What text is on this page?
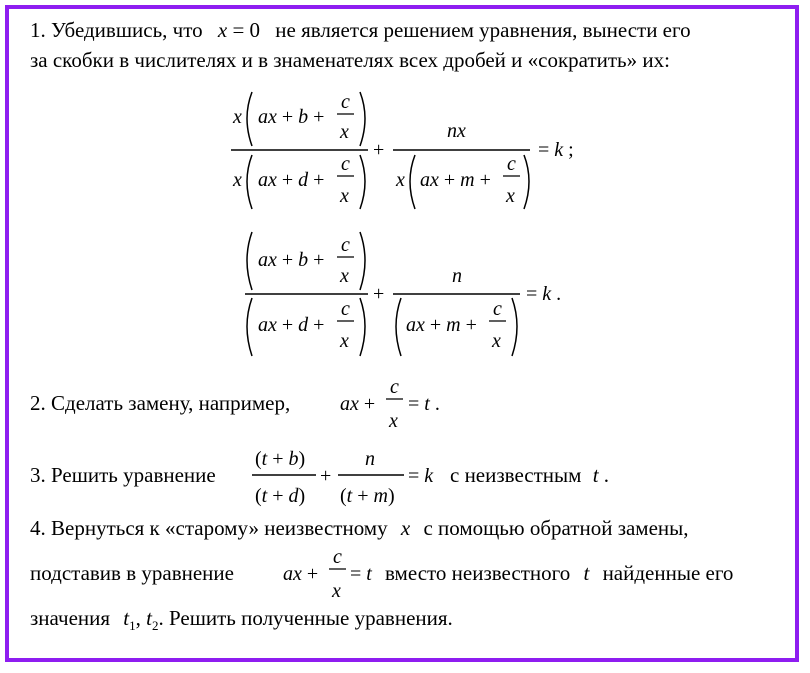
1. Убедившись, что x = 0 не является решением уравнения, вынести его
за скобки в числителях и в знаменателях всех дробей и «сократить» их:
x ax + b +
c
x
x ax + d +
c
x
+
nx
x ax + m +
c
x
= k ;
ax + b +
c
x
ax + d +
c
x
+
n
ax + m +
c
x
= k .
ax +
c
x
= t .
(t + b)
(t + d)
+
n
(t + m)
= k
ax +
c
x
= t
2. Сделать замену, например,
3. Решить уравнение	с неизвестным t .
4. Вернуться к «старому» неизвестному x с помощью обратной замены,
подставив в уравнение	вместо неизвестного t найденные его
значения $t_1$, $t_2$. Решить полученные уравнения.
